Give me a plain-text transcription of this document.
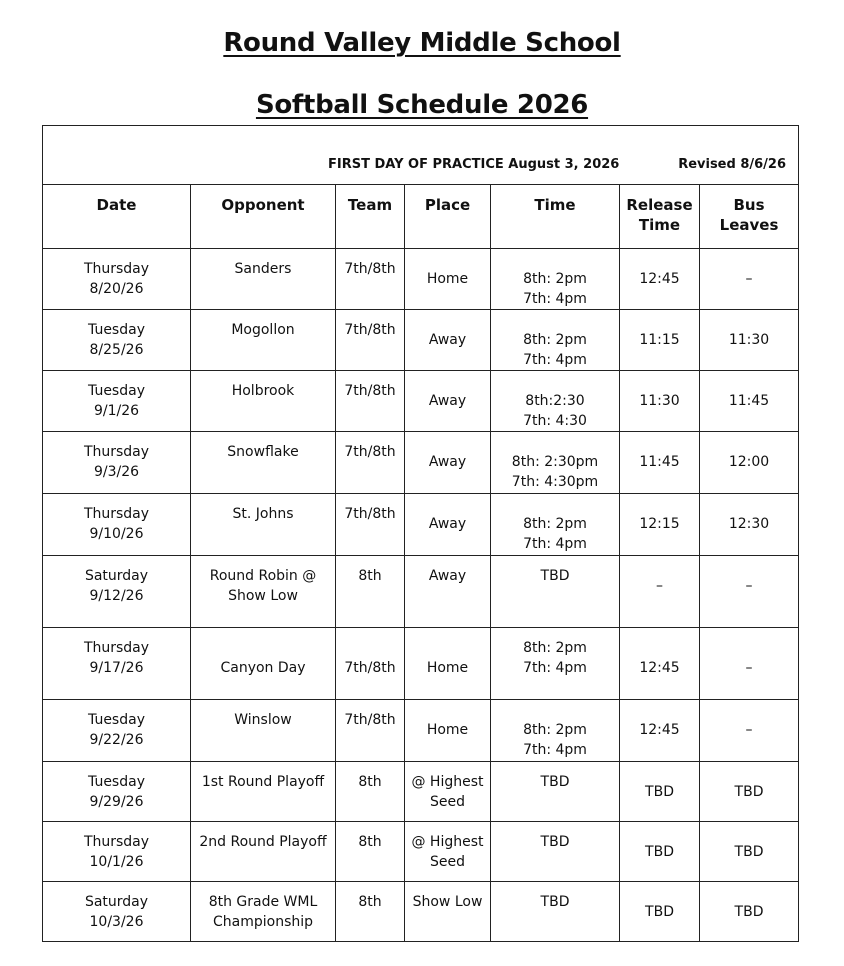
Round Valley Middle School
Softball Schedule 2026
FIRST DAY OF PRACTICE August 3, 2026 Revised 8/6/26						

Date	Opponent	Team	Place	Time	Release
Time	Bus
Leaves

Thursday
8/20/26	Sanders	7th/8th	Home	8th: 2pm
7th: 4pm	12:45	–

Tuesday
8/25/26	Mogollon	7th/8th	Away	8th: 2pm
7th: 4pm	11:15	11:30

Tuesday
9/1/26	Holbrook	7th/8th	Away	8th:2:30
7th: 4:30	11:30	11:45

Thursday
9/3/26	Snowflake	7th/8th	Away	8th: 2:30pm
7th: 4:30pm	11:45	12:00

Thursday
9/10/26	St. Johns	7th/8th	Away	8th: 2pm
7th: 4pm	12:15	12:30

Saturday
9/12/26	Round Robin @
Show Low	8th	Away	TBD	–	–

Thursday
9/17/26	Canyon Day	7th/8th	Home	8th: 2pm
7th: 4pm	12:45	–

Tuesday
9/22/26	Winslow	7th/8th	Home	8th: 2pm
7th: 4pm	12:45	–

Tuesday
9/29/26	1st Round Playoff	8th	@ Highest
Seed	TBD	TBD	TBD

Thursday
10/1/26	2nd Round Playoff	8th	@ Highest
Seed	TBD	TBD	TBD

Saturday
10/3/26	8th Grade WML
Championship	8th	Show Low	TBD	TBD	TBD
